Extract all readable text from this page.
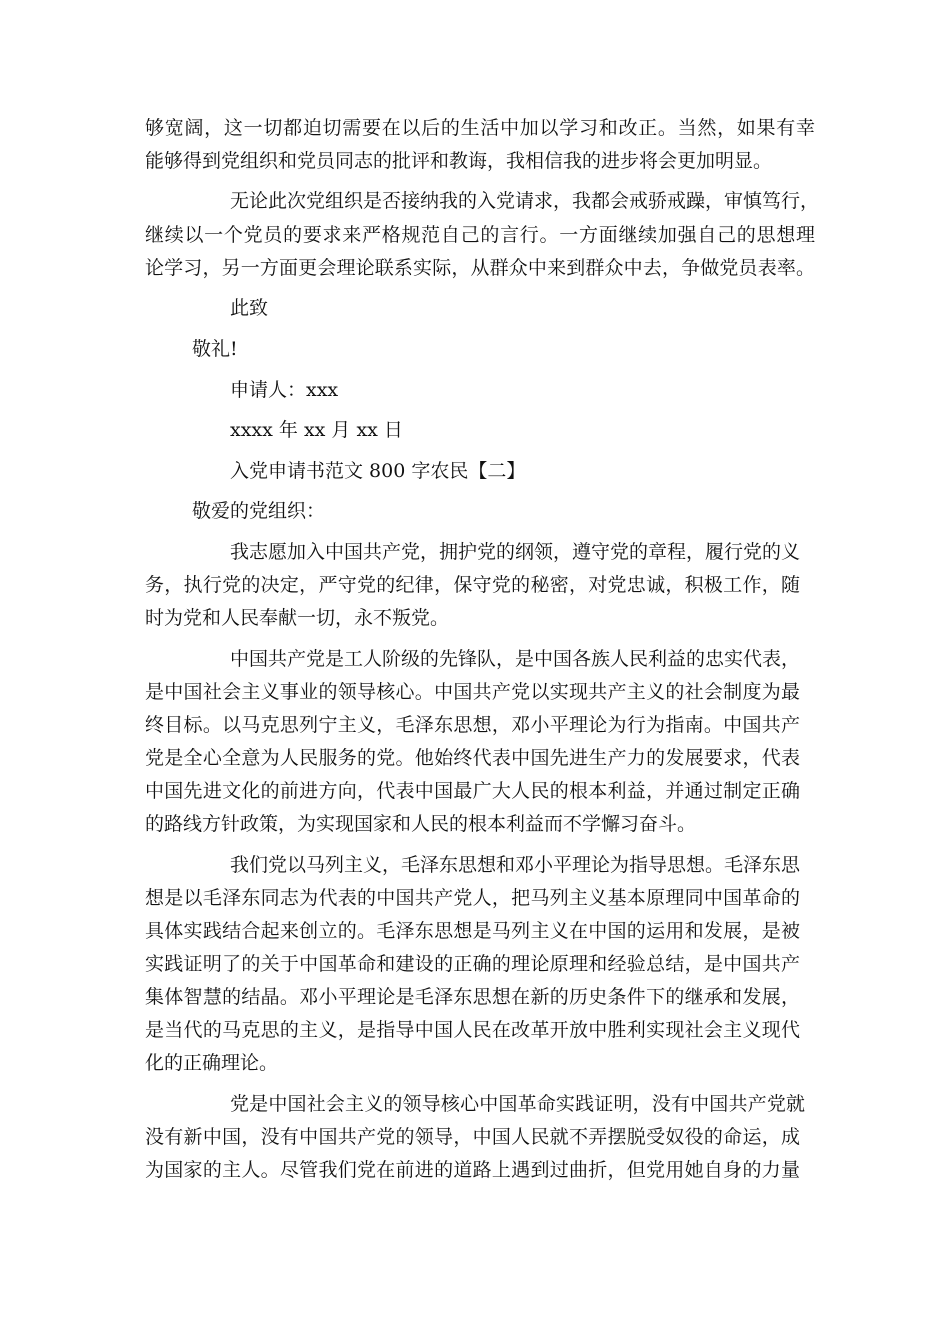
够宽阔，这一切都迫切需要在以后的生活中加以学习和改正。当然，如果有幸
能够得到党组织和党员同志的批评和教诲，我相信我的进步将会更加明显。
无论此次党组织是否接纳我的入党请求，我都会戒骄戒躁，审慎笃行，
继续以一个党员的要求来严格规范自己的言行。一方面继续加强自己的思想理
论学习，另一方面更会理论联系实际，从群众中来到群众中去，争做党员表率。
此致
敬礼!
申请人：xxx
xxxx 年 xx 月 xx 日
入党申请书范文 800 字农民【二】
敬爱的党组织：
我志愿加入中国共产党，拥护党的纲领，遵守党的章程，履行党的义
务，执行党的决定，严守党的纪律，保守党的秘密，对党忠诚，积极工作，随
时为党和人民奉献一切，永不叛党。
中国共产党是工人阶级的先锋队，是中国各族人民利益的忠实代表，
是中国社会主义事业的领导核心。中国共产党以实现共产主义的社会制度为最
终目标。以马克思列宁主义，毛泽东思想，邓小平理论为行为指南。中国共产
党是全心全意为人民服务的党。他始终代表中国先进生产力的发展要求，代表
中国先进文化的前进方向，代表中国最广大人民的根本利益，并通过制定正确
的路线方针政策，为实现国家和人民的根本利益而不学懈习奋斗。
我们党以马列主义，毛泽东思想和邓小平理论为指导思想。毛泽东思
想是以毛泽东同志为代表的中国共产党人，把马列主义基本原理同中国革命的
具体实践结合起来创立的。毛泽东思想是马列主义在中国的运用和发展，是被
实践证明了的关于中国革命和建设的正确的理论原理和经验总结，是中国共产
集体智慧的结晶。邓小平理论是毛泽东思想在新的历史条件下的继承和发展，
是当代的马克思的主义，是指导中国人民在改革开放中胜利实现社会主义现代
化的正确理论。
党是中国社会主义的领导核心中国革命实践证明，没有中国共产党就
没有新中国，没有中国共产党的领导，中国人民就不弄摆脱受奴役的命运，成
为国家的主人。尽管我们党在前进的道路上遇到过曲折，但党用她自身的力量
